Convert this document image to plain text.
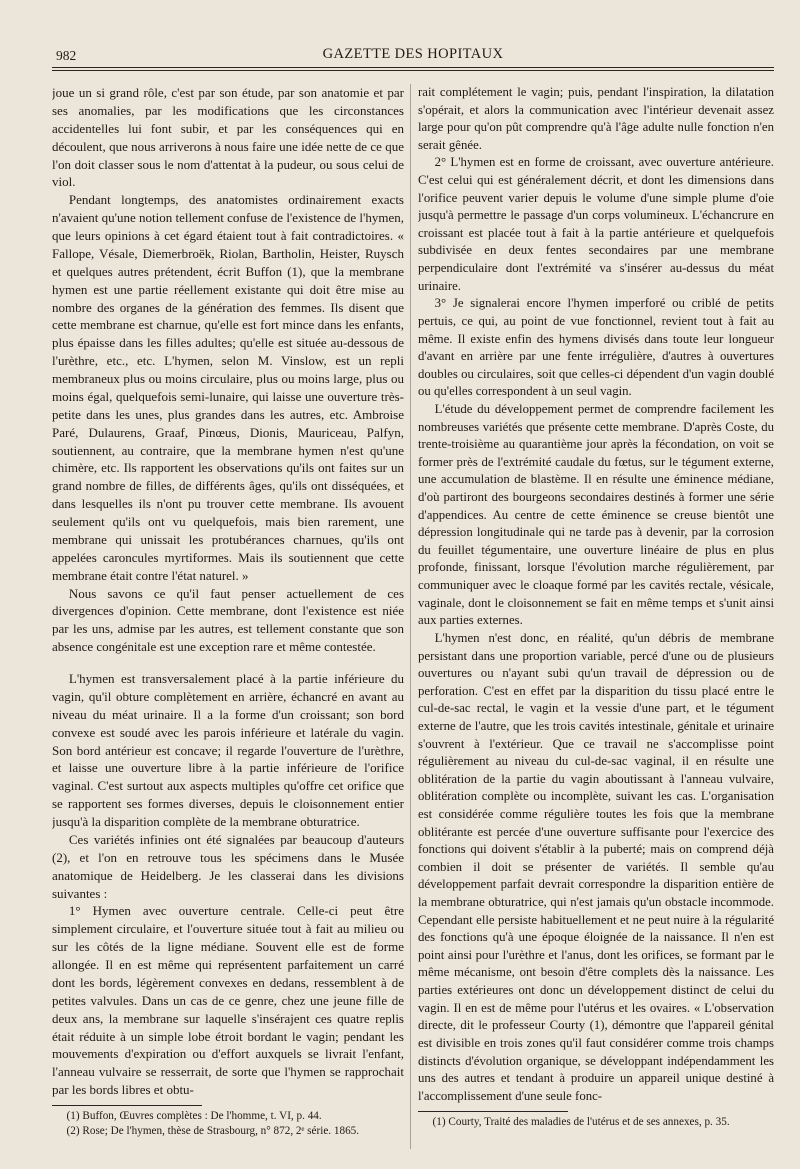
982	GAZETTE DES HOPITAUX

joue un si grand rôle, c'est par son étude, par son anatomie et par ses anomalies, par les modifications que les circonstances accidentelles lui font subir, et par les conséquences qui en découlent, que nous arriverons à nous faire une idée nette de ce que l'on doit classer sous le nom d'attentat à la pudeur, ou sous celui de viol.

Pendant longtemps, des anatomistes ordinairement exacts n'avaient qu'une notion tellement confuse de l'existence de l'hymen, que leurs opinions à cet égard étaient tout à fait contradictoires. « Fallope, Vésale, Diemerbroëk, Riolan, Bartholin, Heister, Ruysch et quelques autres prétendent, écrit Buffon (1), que la membrane hymen est une partie réellement existante qui doit être mise au nombre des organes de la génération des femmes. Ils disent que cette membrane est charnue, qu'elle est fort mince dans les enfants, plus épaisse dans les filles adultes; qu'elle est située au-dessous de l'urèthre, etc., etc. L'hymen, selon M. Vinslow, est un repli membraneux plus ou moins circulaire, plus ou moins large, plus ou moins égal, quelquefois semi-lunaire, qui laisse une ouverture très-petite dans les unes, plus grandes dans les autres, etc. Ambroise Paré, Dulaurens, Graaf, Pinœus, Dionis, Mauriceau, Palfyn, soutiennent, au contraire, que la membrane hymen n'est qu'une chimère, etc. Ils rapportent les observations qu'ils ont faites sur un grand nombre de filles, de différents âges, qu'ils ont disséquées, et dans lesquelles ils n'ont pu trouver cette membrane. Ils avouent seulement qu'ils ont vu quelquefois, mais bien rarement, une membrane qui unissait les protubérances charnues, qu'ils ont appelées caroncules myrtiformes. Mais ils soutiennent que cette membrane était contre l'état naturel. »

Nous savons ce qu'il faut penser actuellement de ces divergences d'opinion. Cette membrane, dont l'existence est niée par les uns, admise par les autres, est tellement constante que son absence congénitale est une exception rare et même contestée.

L'hymen est transversalement placé à la partie inférieure du vagin, qu'il obture complètement en arrière, échancré en avant au niveau du méat urinaire. Il a la forme d'un croissant; son bord convexe est soudé avec les parois inférieure et latérale du vagin. Son bord antérieur est concave; il regarde l'ouverture de l'urèthre, et laisse une ouverture libre à la partie inférieure de l'orifice vaginal. C'est surtout aux aspects multiples qu'offre cet orifice que se rapportent ses formes diverses, depuis le cloisonnement entier jusqu'à la disparition complète de la membrane obturatrice.

Ces variétés infinies ont été signalées par beaucoup d'auteurs (2), et l'on en retrouve tous les spécimens dans le Musée anatomique de Heidelberg. Je les classerai dans les divisions suivantes :

1° Hymen avec ouverture centrale. Celle-ci peut être simplement circulaire, et l'ouverture située tout à fait au milieu ou sur les côtés de la ligne médiane. Souvent elle est de forme allongée. Il en est même qui représentent parfaitement un carré dont les bords, légèrement convexes en dedans, ressemblent à de petites valvules. Dans un cas de ce genre, chez une jeune fille de deux ans, la membrane sur laquelle s'insérajent ces quatre replis était réduite à un simple lobe étroit bordant le vagin; pendant les mouvements d'expiration ou d'effort auxquels se livrait l'enfant, l'anneau vulvaire se resserrait, de sorte que l'hymen se rapprochait par les bords libres et obtu-

(1) Buffon, Œuvres complètes : De l'homme, t. VI, p. 44.

(2) Rose; De l'hymen, thèse de Strasbourg, n° 872, 2ᵉ série. 1865.

rait complétement le vagin; puis, pendant l'inspiration, la dilatation s'opérait, et alors la communication avec l'intérieur devenait assez large pour qu'on pût comprendre qu'à l'âge adulte nulle fonction n'en serait gênée.

2° L'hymen est en forme de croissant, avec ouverture antérieure. C'est celui qui est généralement décrit, et dont les dimensions dans l'orifice peuvent varier depuis le volume d'une simple plume d'oie jusqu'à permettre le passage d'un corps volumineux. L'échancrure en croissant est placée tout à fait à la partie antérieure et quelquefois subdivisée en deux fentes secondaires par une membrane perpendiculaire dont l'extrémité va s'insérer au-dessus du méat urinaire.

3° Je signalerai encore l'hymen imperforé ou criblé de petits pertuis, ce qui, au point de vue fonctionnel, revient tout à fait au même. Il existe enfin des hymens divisés dans toute leur longueur d'avant en arrière par une fente irrégulière, d'autres à ouvertures doubles ou circulaires, soit que celles-ci dépendent d'un vagin doublé ou qu'elles correspondent à un seul vagin.

L'étude du développement permet de comprendre facilement les nombreuses variétés que présente cette membrane. D'après Coste, du trente-troisième au quarantième jour après la fécondation, on voit se former près de l'extrémité caudale du fœtus, sur le tégument externe, une accumulation de blastème. Il en résulte une éminence médiane, d'où partiront des bourgeons secondaires destinés à former une série d'appendices. Au centre de cette éminence se creuse bientôt une dépression longitudinale qui ne tarde pas à devenir, par la corrosion du feuillet tégumentaire, une ouverture linéaire de plus en plus profonde, finissant, lorsque l'évolution marche régulièrement, par communiquer avec le cloaque formé par les cavités rectale, vésicale, vaginale, dont le cloisonnement se fait en même temps et s'unit ainsi aux parties externes.

L'hymen n'est donc, en réalité, qu'un débris de membrane persistant dans une proportion variable, percé d'une ou de plusieurs ouvertures ou n'ayant subi qu'un travail de dépression ou de perforation. C'est en effet par la disparition du tissu placé entre le cul-de-sac rectal, le vagin et la vessie d'une part, et le tégument externe de l'autre, que les trois cavités intestinale, génitale et urinaire s'ouvrent à l'extérieur. Que ce travail ne s'accomplisse point régulièrement au niveau du cul-de-sac vaginal, il en résulte une oblitération de la partie du vagin aboutissant à l'anneau vulvaire, oblitération complète ou incomplète, suivant les cas. L'organisation est considérée comme régulière toutes les fois que la membrane oblitérante est percée d'une ouverture suffisante pour l'exercice des fonctions qui doivent s'établir à la puberté; mais on comprend déjà combien il doit se présenter de variétés. Il semble qu'au développement parfait devrait correspondre la disparition entière de la membrane obturatrice, qui n'est jamais qu'un obstacle incommode. Cependant elle persiste habituellement et ne peut nuire à la régularité des fonctions qu'à une époque éloignée de la naissance. Il n'en est point ainsi pour l'urèthre et l'anus, dont les orifices, se formant par le même mécanisme, ont besoin d'être complets dès la naissance. Les parties extérieures ont donc un développement distinct de celui du vagin. Il en est de même pour l'utérus et les ovaires. « L'observation directe, dit le professeur Courty (1), démontre que l'appareil génital est divisible en trois zones qu'il faut considérer comme trois champs distincts d'évolution organique, se développant indépendamment les uns des autres et tendant à produire un appareil unique destiné à l'accomplissement d'une seule fonc-

(1) Courty, Traité des maladies de l'utérus et de ses annexes, p. 35.
